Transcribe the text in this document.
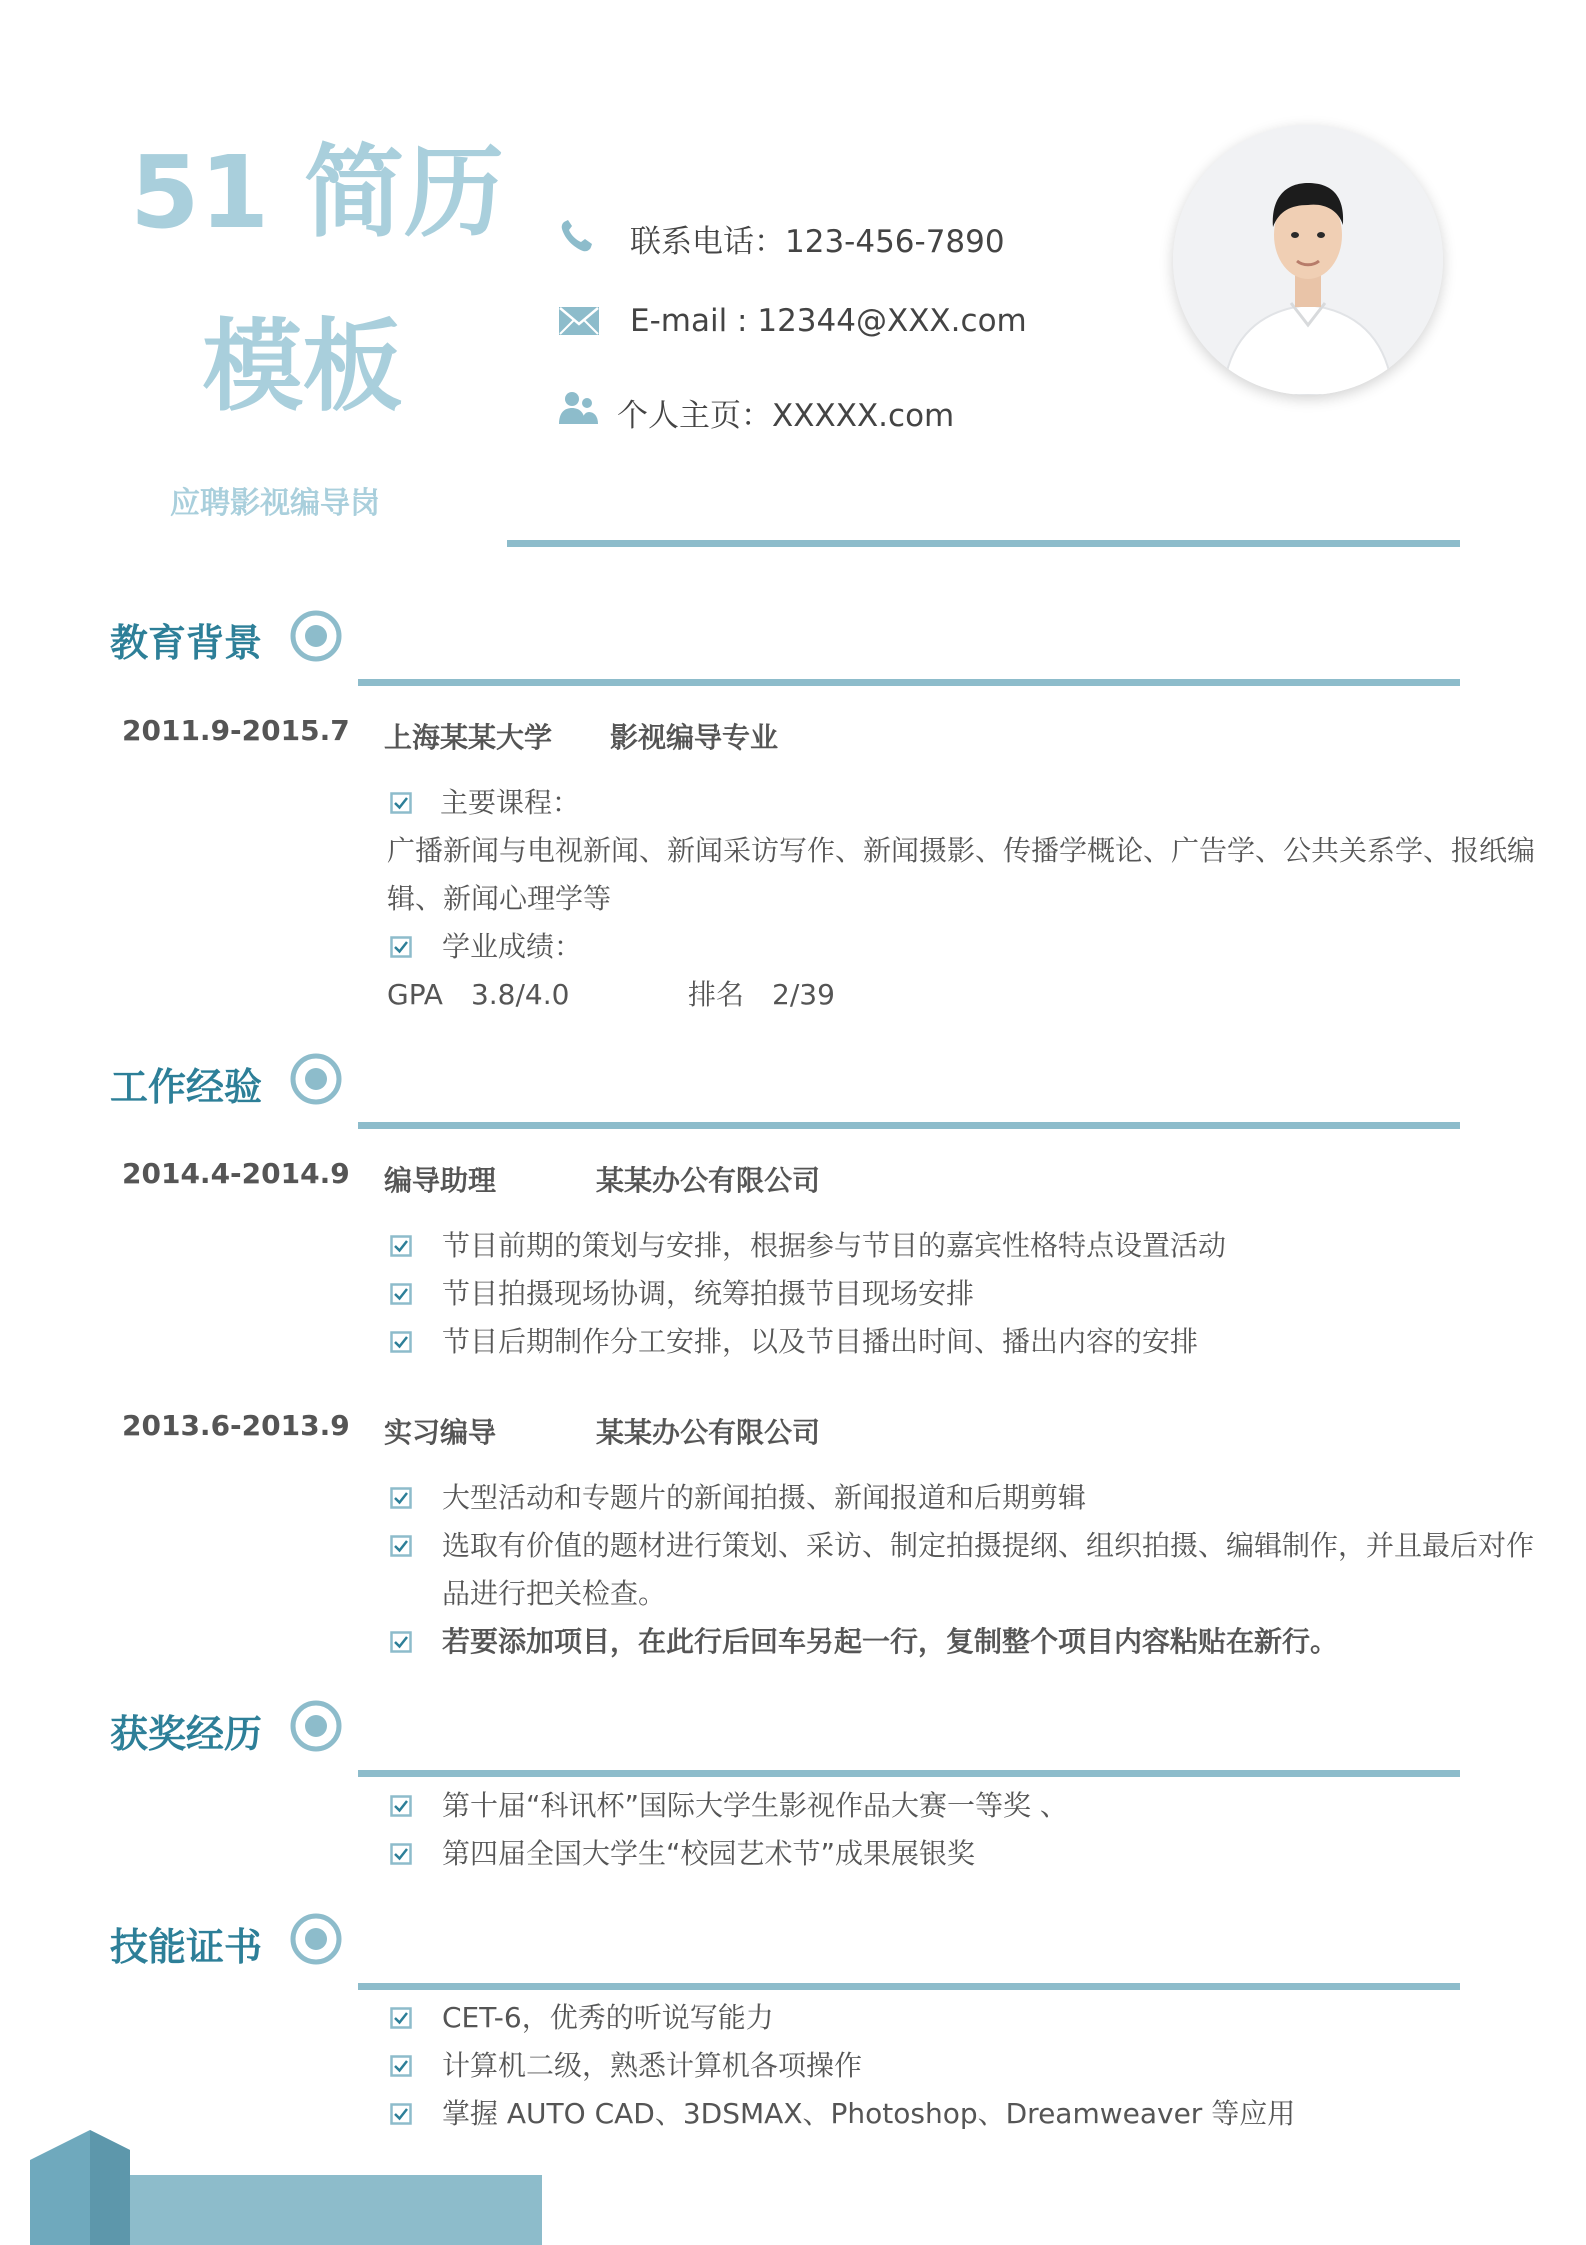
51 简历
模板
应聘影视编导岗
联系电话：123-456-7890
E-mail : 12344@XXX.com
个人主页：XXXXX.com
教育背景
2011.9-2015.7 上海某某大学 影视编导专业
主要课程：
广播新闻与电视新闻、新闻采访写作、新闻摄影、传播学概论、广告学、公共关系学、报纸编
辑、新闻心理学等
学业成绩：
GPA　3.8/4.0	排名　2/39
工作经验
2014.4-2014.9 编导助理	某某办公有限公司
节目前期的策划与安排，根据参与节目的嘉宾性格特点设置活动
节目拍摄现场协调，统筹拍摄节目现场安排
节目后期制作分工安排，以及节目播出时间、播出内容的安排
2013.6-2013.9 实习编导	某某办公有限公司
大型活动和专题片的新闻拍摄、新闻报道和后期剪辑
选取有价值的题材进行策划、采访、制定拍摄提纲、组织拍摄、编辑制作，并且最后对作
品进行把关检查。
若要添加项目，在此行后回车另起一行，复制整个项目内容粘贴在新行。
获奖经历
第十届“科讯杯”国际大学生影视作品大赛一等奖 、
第四届全国大学生“校园艺术节”成果展银奖
技能证书
CET-6，优秀的听说写能力
计算机二级，熟悉计算机各项操作
掌握 AUTO CAD、3DSMAX、Photoshop、Dreamweaver 等应用
